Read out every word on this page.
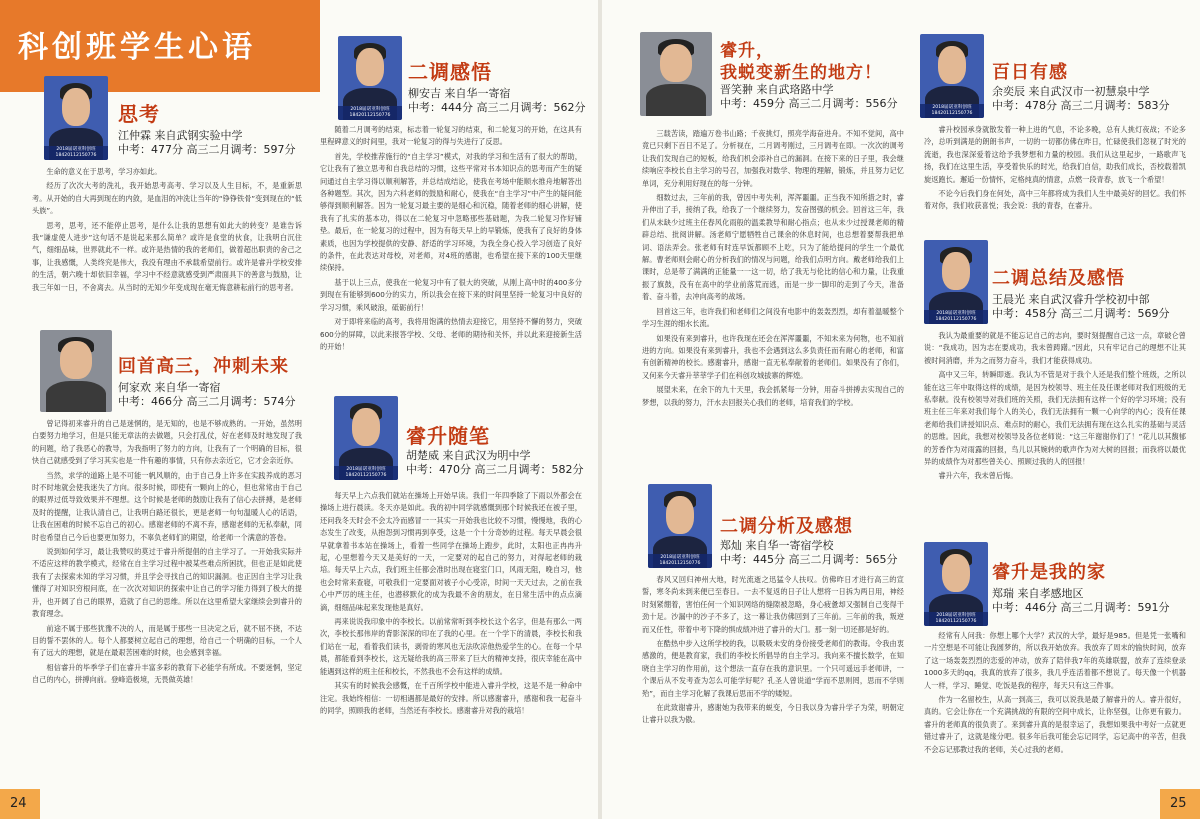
科创班学生心语
2018届诺亚科创班 18420112150776
思考
江仲霖 来自武钢实验中学
中考：477分 高三二月调考：597分

生命的意义在于思考，学习亦如此。

经历了次次大考的洗礼，我开始思考高考、学习以及人生目标，不，是重新思考。从开始的自大再到现在的内敛，是血泪的冲洗让当年的“铮铮铁骨”变到现在的“低头族”。

思考，思考，还不能停止思考，是什么让我的思想有如此大的转变？是谁告诉我“谦虚使人进步”这句话不是说起来那么简单？或许是食堂的伙食，让我明白沉住气，细细品味，世界就此不一样。或许是热情的我的老师们，做着超出职责的舍己之事，让我感慨，人类终究是伟大，我没有理由不承载希望前行。或许是睿升学校安排的生活，朝六晚十却依旧幸福，学习中不经意就感受到严肃面具下的善意与鼓励，让我三年如一日，不舍离去。从当时的无知少年变成现在毫无悔意耕耘前行的思考者。

回首高三，冲刺未来
何家欢 来自华一寄宿
中考：466分 高三二月调考：574分

曾记得初来睿升的自己是迷惘的，是无知的，也是不够成熟的。一开始，虽然明白要努力地学习，但是只能无章法的去做题，只会打乱仗，好在老师及时地发现了我的问题，给了我恶心的教导，为我指明了努力的方向，让我有了一个明确的目标，很快自己就感受到了学习其实也是一件有趣的事情，只有你去亲近它，它才会亲近你。

当然，求学的道路上是不可能一帆风顺的，由于自己身上许多在实践养成的恶习时不时地就会使我迷失了方向。很多时候，即使有一颗向上的心，但也常常由于自己的眼界过低导致效果并不理想。这个时候是老师的鼓励让我有了信心去拼搏，是老师及时的提醒，让我认清自己，让我明白路还很长，更是老师一句句温暖人心的话语，让我在困难的时候不忘自己的初心。感谢老师的不离不弃，感谢老师的无私奉献，同时也希望自己今后也要更加努力，不辜负老师们的期望，给老师一个满意的答卷。

说到如何学习，最让我赞叹的莫过于睿升所提倡的自主学习了。一开始我实际并不适应这样的教学模式，经常在自主学习过程中被某些难点所困扰，但也正是如此使我有了去探索未知的学习习惯，并且学会寻找自己的知识漏洞。也正因自主学习让我懂得了对知识穷根问底，在一次次对知识的探索中让自己的学习能力得到了极大的提升，也开阔了自己的眼界，造就了自己的思维。所以在这里希望大家继续会到睿升的教育理念。

前途不属于那些犹豫不决的人，而是属于那些一旦决定之后，就不屈不挠，不达目的誓不罢休的人。每个人都要树立起自己的理想，给自己一个明确的目标，一个人有了远大的理想，就是在最艰苦困难的时候，也会感到幸福。

相信睿升的毕季学子们在睿升丰富多彩的教育下必能学有所成。不要迷惘，坚定自己的内心，拼搏向前。登峰造极境，无畏做英雄！

2018届诺亚科创班 18420112150776
二调感悟
柳安吉 来自华一寄宿
中考：444分 高三二月调考：562分

随着二月调考的结束，标志着一轮复习的结束，和二轮复习的开始，在这具有里程碑意义的时间里，我对一轮复习的得与失进行了反思。

首先，学校推荐施行的“自主学习”模式，对我的学习和生活有了很大的帮助，它让我有了独立思考和自我总结的习惯，这些平常对书本知识点的思考而产生的疑问通过自主学习得以顺利解答，并总结成结论，使我在考场中能顺水推舟地解答出各种题型。其次，因为六科老师的鼓励和耐心，使我在“自主学习”中产生的疑问能够得到顺利解答。因为一轮复习最主要的是细心和沉稳，随着老师的细心讲解，使我有了扎实的基本功，得以在二轮复习中忽略那些基础题，为我二轮复习作好铺垫。最后，在一轮复习的过程中，因为有每天早上的早锻炼，使我有了良好的身体素质，也因为学校提供的安静、舒适的学习环境，为我全身心投入学习创造了良好的条件，在此表达对母校，对老师，对4班的感谢，也希望在接下来的100天里继续保持。

基于以上三点，使我在一轮复习中有了很大的突破，从刚上高中时的400多分到现在有能够到600分的实力，所以我会在接下来的时间里坚持一轮复习中良好的学习习惯，乘风破浪，砥砺前行！

对于即将来临的高考，我将用饱满的热情去迎接它，用坚持不懈的努力，突破600分的屏障，以此来报答学校、父母、老师的期待和关怀，并以此来迎接新生活的开始！

2018届诺亚科创班 18420112150776
睿升随笔
胡楚威 来自武汉为明中学
中考：470分 高三二月调考：582分

每天早上六点我们就站在操场上开始早读。我们一年四季除了下雨以外都会在操场上进行晨读。冬天亦是如此。我的初中同学就感慨到那个时候我还在被子里，还问我冬天时会不会太冷而感冒一一其实一开始我也比较不习惯，慢慢地，我的心态发生了改变，从抱怨到习惯再到享受，这是一个十分奇妙的过程。每天早晨会很早就拿着书本站在操场上，看着一些同学在操场上跑步，此时，太阳也正冉冉升起，心里想着今天又是美好的一天，一定要对的起自己的努力，对得起老师的栽培。每天早上六点，我们班主任都会准时出现在寝室门口，风雨无阻，晚自习，他也会时常来查寝，可敬我们一定要面对被子小心受凉，时间一天天过去，之前在我心中严厉的班主任，也潜移默化的成为我最不舍的朋友，在日常生活中的点点滴滴，细细品味起来发现他是真好。

再来说说我印象中的李校长。以前常常听到李校长这个名字，但是有那么一两次，李校长那伟岸的背影深深的印在了我的心里。在一个学下的清晨，李校长和我们站在一起，看着我们读书，剥骨的寒风也无法吹凉他热爱学生的心。在每一个早晨，都能看到李校长，这无疑给我的高三带来了巨大的精神支持，很庆幸能在高中能遇到这样的班主任和校长，不然我也不会有这样的成绩。

其实有的时候我会感慨，在千百所学校中能进入睿升学校，这是不是一种命中注定。我始终相信：一切相遇都是最好的安排。所以感谢睿升，感谢和我一起奋斗的同学，照顾我的老师，当然还有李校长。感谢睿升对我的栽培！

24
睿升，
我蜕变新生的地方！
晋笑翀 来自武珞路中学
中考：459分 高三二月调考：556分

三载苦读，踏遍万卷书山路；千夜挑灯，照亮学海奋进舟。不知不觉间，高中竟已只剩下百日不足了。分析视在，二月调考刚过，三月调考在即。一次次的调考让我们发现自己的短板，给我们机会添补自己的漏洞。在接下来的日子里，我会继续响应李校长自主学习的号召，加强我对数学、物理的理解，锻炼，并且努力记忆单词，充分利用好现在的每一分钟。

细数过去，三年前的我，曾因中考失利，浑浑噩噩。正当我不知所措之时，睿升伸出了手，接纳了我，给我了一个继续努力，发奋图强的机会。回首这三年，我们从未缺少过班主任春风化雨般的温柔教导和耐心指点；也从未少过授课老师的精辟总结、批阅讲解。汤老师宁愿牺牲自己课余的休息时间，也总想着要帮我把单词、语法弄会。张老师有时连早饭都顾不上吃，只为了能给提问的学生一个最优解。曹老师则会耐心的分析我们的情况与问题，给我们点明方向。戴老师给我们上课时，总是带了满满的正能量一一这一切，给了我无与伦比的信心和力量，让我重振了旗鼓，没有在高中的学业前落荒而逃，而是一步一脚印的走到了今天，准备着、奋斗着，去冲向高考的战场。

回首这三年，也许我们和老师们之间没有电影中的轰轰烈烈，却有着温暖整个学习生涯的细水长流。

如果没有来到睿升，也许我现在还会在浑浑噩噩，不知未来为何物，也不知前进的方向。如果没有来到睿升，我也不会遇到这么多负责任而有耐心的老师，和富有创新精神的校长。感谢睿升，感谢一直无私奉献着的老师们。如果没有了你们，又何来今天睿升莘莘学子们在科创攻城拔寨的辉煌。

展望未来，在余下的九十天里，我会抓紧每一分钟，用奋斗拼搏去实现自己的梦想，以我的努力，汗水去回报关心我们的老师，培育我们的学校。

2018届诺亚科创班 18420112150776
二调分析及感想
郑灿 来自华一寄宿学校
中考：445分 高三二月调考：565分

春风又回归神州大地，时光流逝之迅猛令人扶叹。仿佛昨日才进行高三的宣誓，寒冬尚未到来便已至春日。一去不复返的日子让人想将一日拆为两日用，神经时刻紧绷着，害怕任何一个知识网络的缝隙被忽略，身心疲惫却又强制自己变得干劲十足。沙漏中的沙子不多了，这一幕让我仿佛回到了三年前。三年前的我，叛逆而又任性，带着中考下降的惧成绩冲进了睿升的大门。那一刻一切还都是好的。

在酷热中步入这所学校的我，以吸吸未安的身份接受老师们的教诲。令我由衷感激的，便是教育家，我们的李校长所倡导的自主学习。我向来不擅长数学，在知晓自主学习的作用前，这个想法一直存在我的意识里。一个只可遥远手老师讲，一个课后从不发考查为怎么可能学好呢？孔圣人曾说道“学而不思则罔，思而不学则殆”，而自主学习化解了我课后思而不学的矮短。

在此致谢睿升，感谢她为我带来的蜕变，今日我以身为睿升学子为荣，明朝定让睿升以我为傲。

2018届诺亚科创班 18420112150776
百日有感
余奕辰 来自武汉市一初慧泉中学
中考：478分 高三二月调考：583分

睿升校园承身就散发着一种上进的气息，不论多晚，总有人挑灯夜战；不论多冷，总听到满是的朗朗书声，一切的一切都仿佛在昨日，忙碌使我们忽视了时光的流逝，我也深深爱着这给予我梦想和力量的校园。我们从这里起步，一路歌声飞扬，我们在这里生活，享受着快乐的时光，给我们自信，助我们成长，否校载着凯旋返跑长。邂逅一份情怀，定格纯真的情意，点燃一段青春，放飞一个希望！

不论今后我们身在何处，高中三年都将成为我们人生中最美好的回忆。我们怀着对你，我们收获喜悦；我会说：我的青春，在睿升。

2018届诺亚科创班 18420112150776
二调总结及感悟
王晨光 来自武汉睿升学校初中部
中考：458分 高三二月调考：569分

我认为最重要的就是不能忘记自己的志向，要时刻提醒自己这一点，章破仑曾说：“我成功，因为志在要成功，我未曾踌躇。”因此，只有牢记自己的理想不让其被时间消磨，并为之而努力奋斗，我们才能获得成功。

高中又三年，转瞬即逝。我认为不管是对于我个人还是我们整个班级，之所以能在这三年中取得这样的成绩，是因为校领导、班主任及任课老师对我们班级的无私奉献。没有校领导对我们班的关照，我们无法拥有这样一个好的学习环境；没有班主任三年来对我们每个人的关心，我们无法拥有一颗一心向学的内心；没有任课老师给我们讲授知识点、难点时的耐心，我们无法拥有现在这么扎实的基础与灵活的思维。因此，我想对校领导及各位老师说：“这三年谢谢你们了！”花儿以其馥郁的芳香作为对雨露的回报，鸟儿以其婉转的歌声作为对大树的回报；而我将以最优异的成绩作为对那些曾关心、照顾过我的人的回报！

睿升六年，我未曾后悔。

2018届诺亚科创班 18420112150776
睿升是我的家
郑瑞 来自孝感地区
中考：446分 高三二月调考：591分

经常有人问我：你想上哪个大学？武汉的大学，最好是985。但是凭一张嘴和一片空想是不可能让我圆梦的，所以我开始放弃。我放弃了周末的愉快时间，放弃了这一场轰轰烈烈的恋爱的冲动，放弃了陪伴我7年的英雄联盟，放弃了连续登录1000多天的qq，我真的放弃了很多，我几乎连活着都不想说了。每天像一个机器人一样，学习、睡觉、吃饭是我的程序，每天只有这三件事。

作为一名留校生，从高一到高三，我可以说我是最了解睿升的人。睿升很好，真的。它会让你在一个充满挑战的有限的空间中成长，让你坚强，让你更有毅力。睿升的老师真的很负责了。来到睿升真的是很幸运了，我想如果我中考好一点就更错过睿升了，这就是缘分吧。很多年后我可能会忘记同学，忘记高中的辛苦，但我不会忘记那教过我的老师，关心过我的老师。

25
